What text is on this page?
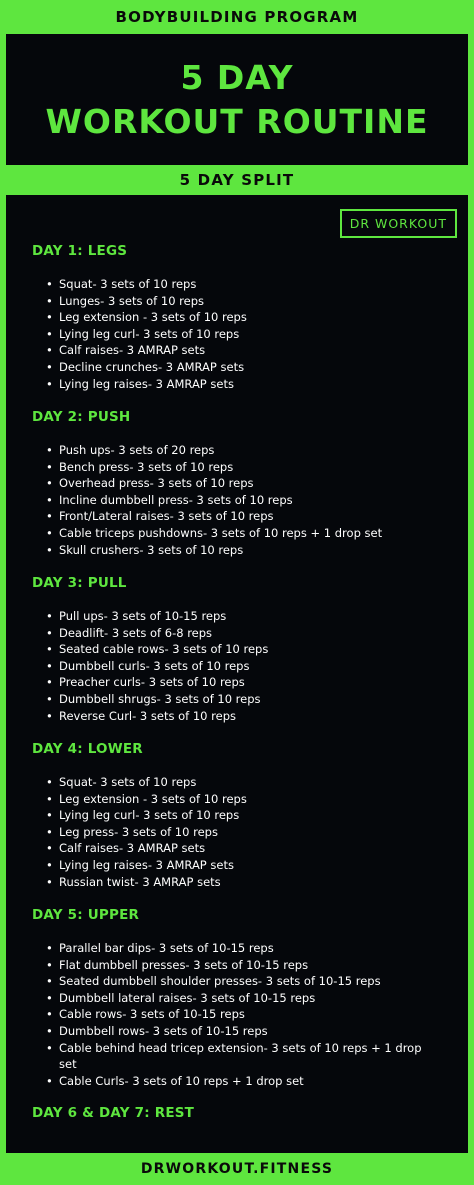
BODYBUILDING PROGRAM
5 DAY
WORKOUT ROUTINE
5 DAY SPLIT
DR WORKOUT
DAY 1: LEGS
• Squat- 3 sets of 10 reps
• Lunges- 3 sets of 10 reps
• Leg extension - 3 sets of 10 reps
• Lying leg curl- 3 sets of 10 reps
• Calf raises- 3 AMRAP sets
• Decline crunches- 3 AMRAP sets
• Lying leg raises- 3 AMRAP sets
DAY 2: PUSH
• Push ups- 3 sets of 20 reps
• Bench press- 3 sets of 10 reps
• Overhead press- 3 sets of 10 reps
• Incline dumbbell press- 3 sets of 10 reps
• Front/Lateral raises- 3 sets of 10 reps
• Cable triceps pushdowns- 3 sets of 10 reps + 1 drop set
• Skull crushers- 3 sets of 10 reps
DAY 3: PULL
• Pull ups- 3 sets of 10-15 reps
• Deadlift- 3 sets of 6-8 reps
• Seated cable rows- 3 sets of 10 reps
• Dumbbell curls- 3 sets of 10 reps
• Preacher curls- 3 sets of 10 reps
• Dumbbell shrugs- 3 sets of 10 reps
• Reverse Curl- 3 sets of 10 reps
DAY 4: LOWER
• Squat- 3 sets of 10 reps
• Leg extension - 3 sets of 10 reps
• Lying leg curl- 3 sets of 10 reps
• Leg press- 3 sets of 10 reps
• Calf raises- 3 AMRAP sets
• Lying leg raises- 3 AMRAP sets
• Russian twist- 3 AMRAP sets
DAY 5: UPPER
• Parallel bar dips- 3 sets of 10-15 reps
• Flat dumbbell presses- 3 sets of 10-15 reps
• Seated dumbbell shoulder presses- 3 sets of 10-15 reps
• Dumbbell lateral raises- 3 sets of 10-15 reps
• Cable rows- 3 sets of 10-15 reps
• Dumbbell rows- 3 sets of 10-15 reps
• Cable behind head tricep extension- 3 sets of 10 reps + 1 drop set
• Cable Curls- 3 sets of 10 reps + 1 drop set
DAY 6 & DAY 7: REST
DRWORKOUT.FITNESS
